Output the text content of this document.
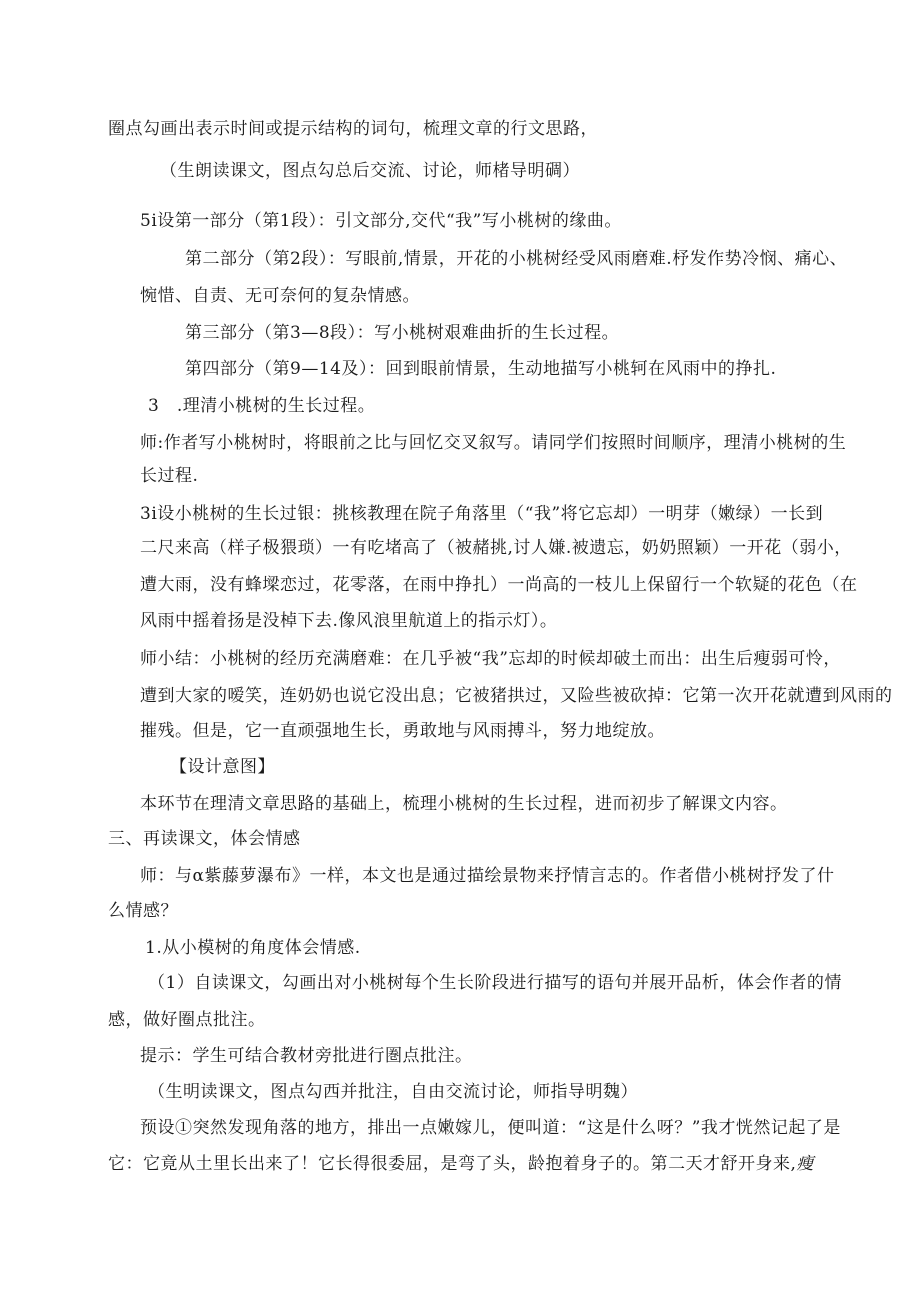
圈点勾画出表示时间或提示结构的词句，梳理文章的行文思路，
（生朗读课文，图点勾总后交流、讨论，师楮导明碉）
5i设第一部分（第1段）：引文部分,交代“我”写小桃树的缘曲。
第二部分（第2段）：写眼前,情景，开花的小桃树经受风雨磨难.杼发作势冷悯、痛心、
惋惜、自责、无可奈何的复杂情感。
第三部分（第3—8段）：写小桃树艰难曲折的生长过程。
第四部分（第9—14及）：回到眼前情景，生动地描写小桃轲在风雨中的挣扎.
3　.理清小桃树的生长过程。
师:作者写小桃树时，将眼前之比与回忆交叉叙写。请同学们按照时间顺序，理清小桃树的生
长过程.
3i设小桃树的生长过银：挑核教理在院子角落里（“我”将它忘却）一明芽（嫩绿）一长到
二尺来高（样子极猥琐）一有吃堵高了（被赭挑,讨人嫌.被遗忘，奶奶照颖）一开花（弱小，
遭大雨，没有蜂墚恋过，花零落，在雨中挣扎）一尚高的一枝儿上保留行一个软疑的花色（在
风雨中摇着扬是没棹下去.像风浪里航道上的指示灯）。
师小结：小桃树的经历充满磨难：在几乎被“我”忘却的时候却破土而出：出生后瘦弱可怜，
遭到大家的嗳笑，连奶奶也说它没出息；它被猪拱过，又险些被砍掉：它第一次开花就遭到风雨的
摧残。但是，它一直顽强地生长，勇敢地与风雨搏斗，努力地绽放。
【设计意图】
本环节在理清文章思路的基础上，梳理小桃树的生长过程，进而初步了解课文内容。
三、再读课文，体会情感
师：与α紫藤萝瀑布》一样，本文也是通过描绘景物来抒情言志的。作者借小桃树抒发了什
么情感？
1.从小模树的角度体会情感.
（1）自读课文，勾画出对小桃树每个生长阶段进行描写的语句并展开品析，体会作者的情
感，做好圈点批注。
提示：学生可结合教材旁批进行圏点批注。
（生明读课文，图点勾西并批注，自由交流讨论，师指导明魏）
预设①突然发现角落的地方，排出一点嫩嫁儿，便叫道：“这是什么呀？”我才恍然记起了是
它：它竟从土里长出来了！它长得很委屈，是弯了头，龄抱着身子的。第二天才舒开身来,瘦
